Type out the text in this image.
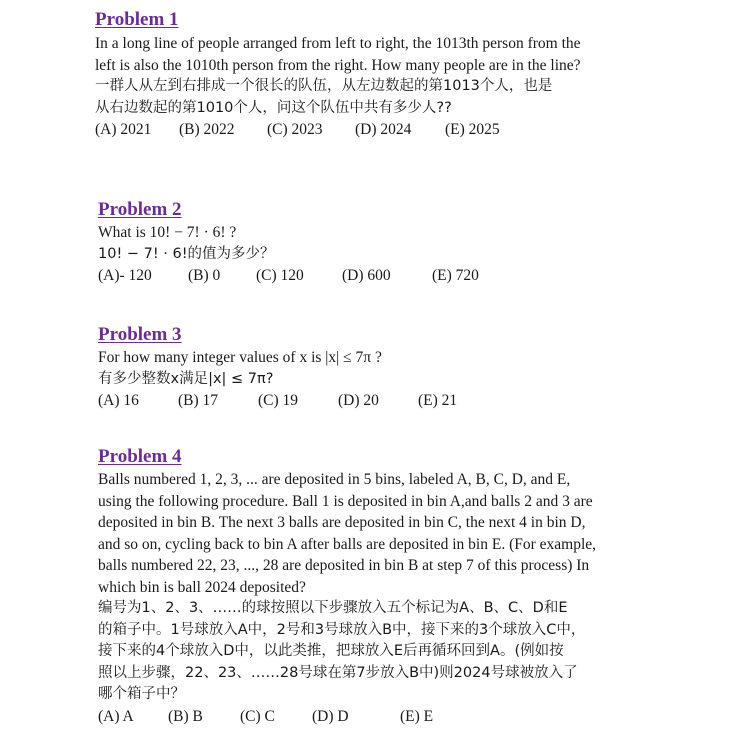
Problem 1
In a long line of people arranged from left to right, the 1013th person from the
left is also the 1010th person from the right. How many people are in the line?
一群人从左到右排成一个很长的队伍，从左边数起的第1013个人，也是
从右边数起的第1010个人，问这个队伍中共有多少人??
(A) 2021 (B) 2022 (C) 2023 (D) 2024 (E) 2025
Problem 2
What is 10! − 7! · 6! ?
10! − 7! · 6!的值为多少？
(A)- 120 (B) 0 (C) 120 (D) 600	(E) 720
Problem 3
For how many integer values of x is |x| ≤ 7π ?
有多少整数x满足|x| ≤ 7π?
(A) 16	(B) 17	(C) 19	(D) 20	(E) 21
Problem 4
Balls numbered 1, 2, 3, ... are deposited in 5 bins, labeled A, B, C, D, and E,
using the following procedure. Ball 1 is deposited in bin A,and balls 2 and 3 are
deposited in bin B. The next 3 balls are deposited in bin C, the next 4 in bin D,
and so on, cycling back to bin A after balls are deposited in bin E. (For example,
balls numbered 22, 23, ..., 28 are deposited in bin B at step 7 of this process) In
which bin is ball 2024 deposited?
编号为1、2、3、……的球按照以下步骤放入五个标记为A、B、C、D和E
的箱子中。1号球放入A中，2号和3号球放入B中，接下来的3个球放入C中，
接下来的4个球放入D中，以此类推，把球放入E后再循环回到A。(例如按
照以上步骤，22、23、……28号球在第7步放入B中)则2024号球被放入了
哪个箱子中？
(A) A (B) B (C) C (D) D	(E) E
